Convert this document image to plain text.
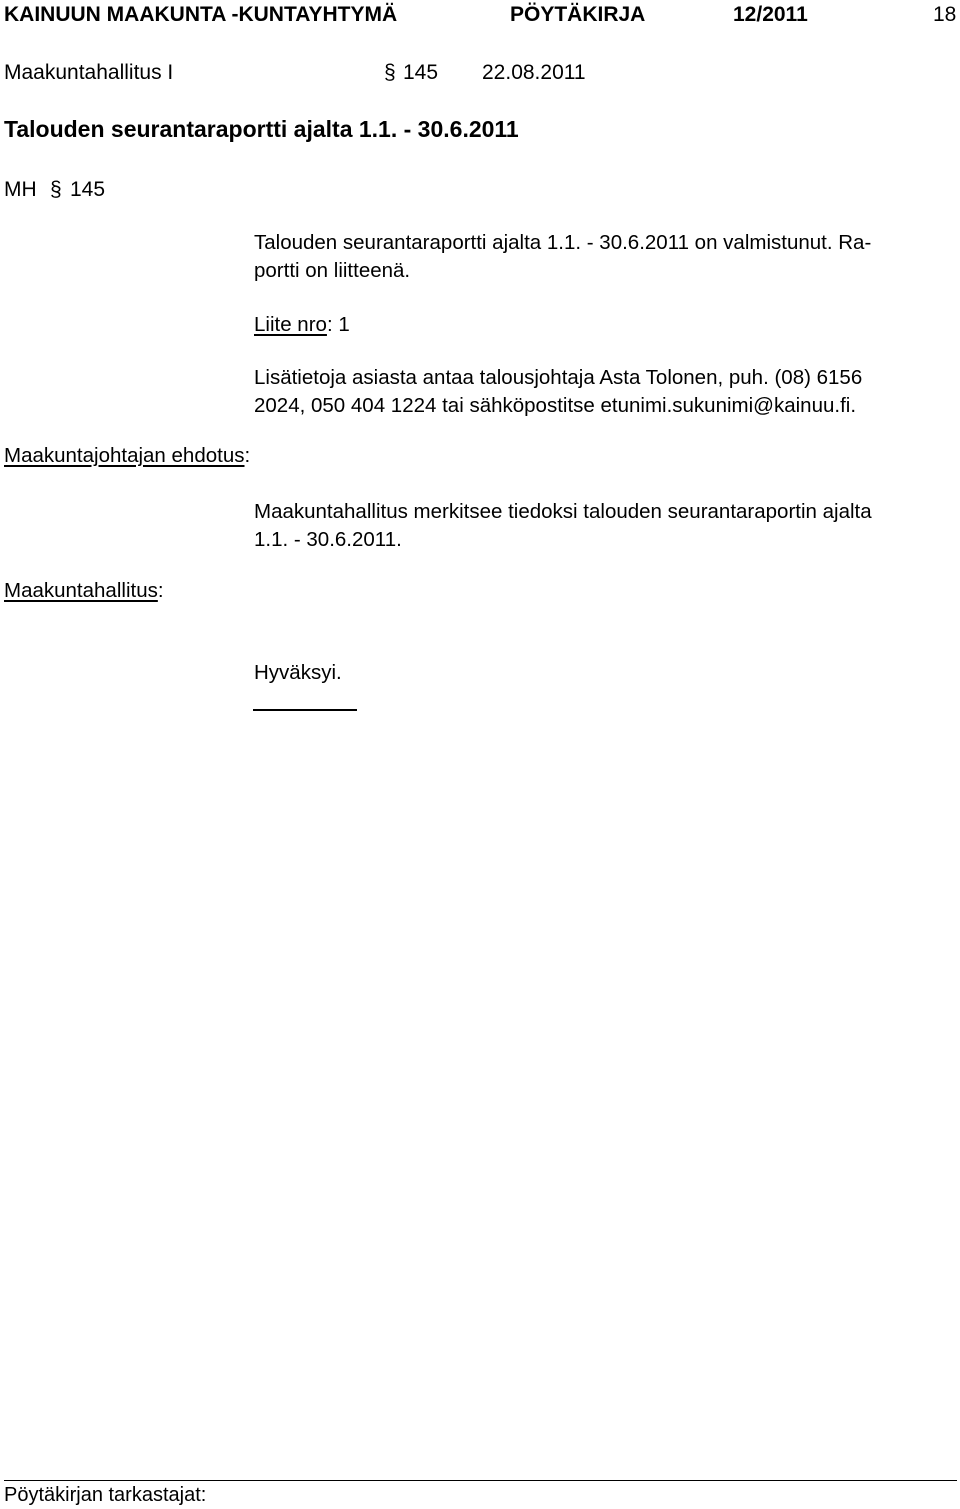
KAINUUN MAAKUNTA -KUNTAYHTYMÄ	PÖYTÄKIRJA	12/2011	18
Maakuntahallitus I	§ 145 22.08.2011
Talouden seurantaraportti ajalta 1.1. - 30.6.2011
MH § 145
Talouden seurantaraportti ajalta 1.1. - 30.6.2011 on valmistunut. Ra-
portti on liitteenä.
Liite nro: 1
Lisätietoja asiasta antaa talousjohtaja Asta Tolonen, puh. (08) 6156
2024, 050 404 1224 tai sähköpostitse etunimi.sukunimi@kainuu.fi.
Maakuntajohtajan ehdotus:
Maakuntahallitus merkitsee tiedoksi talouden seurantaraportin ajalta
1.1. - 30.6.2011.
Maakuntahallitus:
Hyväksyi.
Pöytäkirjan tarkastajat:
